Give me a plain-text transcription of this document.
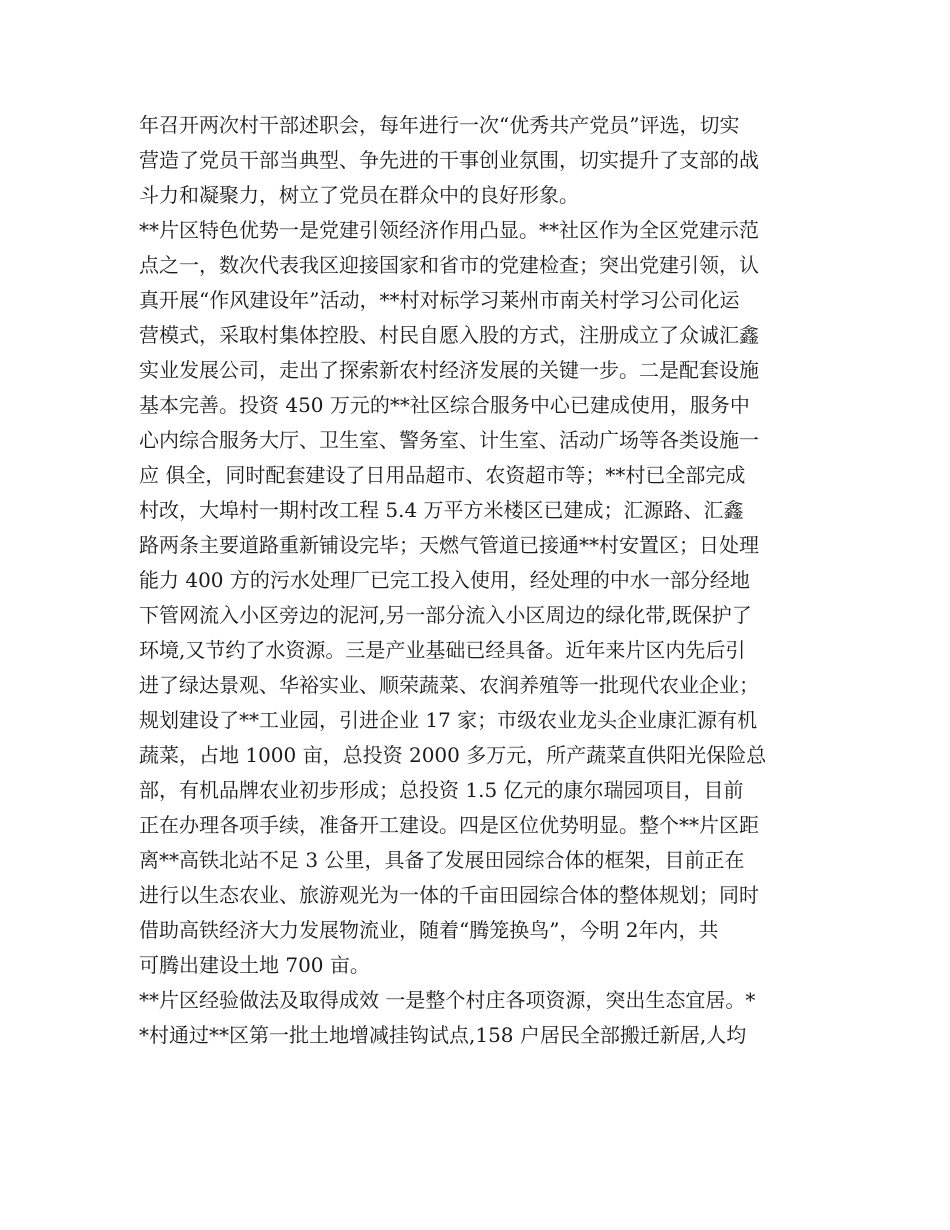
年召开两次村干部述职会，每年进行一次“优秀共产党员”评选，切实
营造了党员干部当典型、争先进的干事创业氛围，切实提升了支部的战
斗力和凝聚力，树立了党员在群众中的良好形象。
**片区特色优势一是党建引领经济作用凸显。**社区作为全区党建示范
点之一，数次代表我区迎接国家和省市的党建检查；突出党建引领，认
真开展“作风建设年”活动，**村对标学习莱州市南关村学习公司化运
营模式，采取村集体控股、村民自愿入股的方式，注册成立了众诚汇鑫
实业发展公司，走出了探索新农村经济发展的关键一步。二是配套设施
基本完善。投资 450 万元的**社区综合服务中心已建成使用，服务中
心内综合服务大厅、卫生室、警务室、计生室、活动广场等各类设施一
应 俱全，同时配套建设了日用品超市、农资超市等；**村已全部完成
村改，大埠村一期村改工程 5.4 万平方米楼区已建成；汇源路、汇鑫
路两条主要道路重新铺设完毕；天燃气管道已接通**村安置区；日处理
能力 400 方的污水处理厂已完工投入使用，经处理的中水一部分经地
下管网流入小区旁边的泥河,另一部分流入小区周边的绿化带,既保护了
环境,又节约了水资源。三是产业基础已经具备。近年来片区内先后引
进了绿达景观、华裕实业、顺荣蔬菜、农润养殖等一批现代农业企业；
规划建设了**工业园，引进企业 17 家；市级农业龙头企业康汇源有机
蔬菜，占地 1000 亩，总投资 2000 多万元，所产蔬菜直供阳光保险总
部，有机品牌农业初步形成；总投资 1.5 亿元的康尔瑞园项目，目前
正在办理各项手续，准备开工建设。四是区位优势明显。整个**片区距
离**高铁北站不足 3 公里，具备了发展田园综合体的框架，目前正在
进行以生态农业、旅游观光为一体的千亩田园综合体的整体规划；同时
借助高铁经济大力发展物流业，随着“腾笼换鸟”，今明 2年内，共
可腾出建设土地 700 亩。
**片区经验做法及取得成效 一是整个村庄各项资源，突出生态宜居。*
*村通过**区第一批土地增减挂钩试点,158 户居民全部搬迁新居,人均
